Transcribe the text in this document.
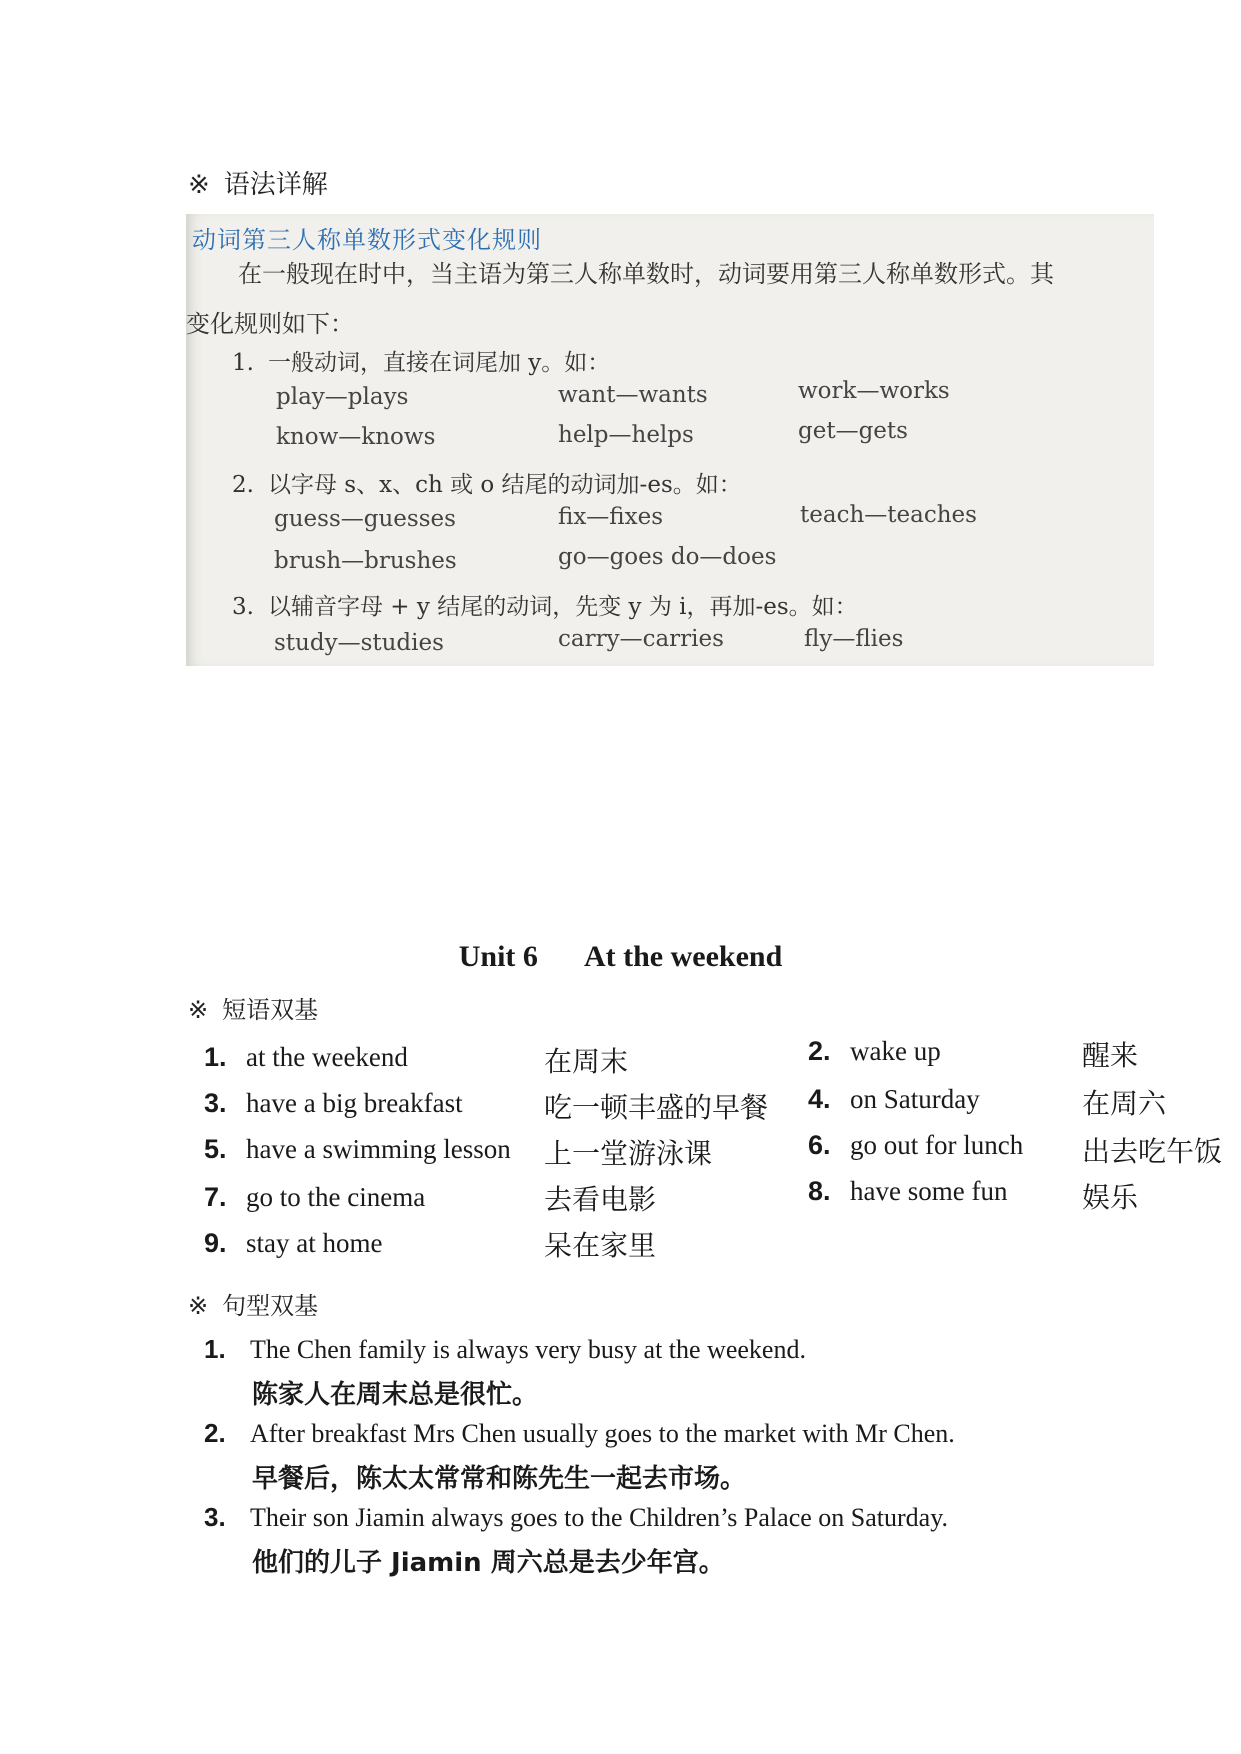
※ 语法详解
动词第三人称单数形式变化规则
在一般现在时中，当主语为第三人称单数时，动词要用第三人称单数形式。其
变化规则如下：
1. 一般动词，直接在词尾加 y。如：
play—plays	want—wants	work—works
know—knows	help—helps	get—gets
2. 以字母 s、x、ch 或 o 结尾的动词加-es。如：
guess—guesses	fix—fixes	teach—teaches
brush—brushes	go—goes do—does
3. 以辅音字母 + y 结尾的动词，先变 y 为 i，再加-es。如：
study—studies	carry—carries	fly—flies
Unit 6 At the weekend
※ 短语双基
1. at the weekend	在周末	2. wake up	醒来
3. have a big breakfast	吃一顿丰盛的早餐 4. on Saturday	在周六
5. have a swimming lesson 上一堂游泳课	6. go out for lunch 出去吃午饭
7. go to the cinema	去看电影	8. have some fun	娱乐
9. stay at home	呆在家里
※ 句型双基
1. The Chen family is always very busy at the weekend.
陈家人在周末总是很忙。
2. After breakfast Mrs Chen usually goes to the market with Mr Chen.
早餐后，陈太太常常和陈先生一起去市场。
3. Their son Jiamin always goes to the Children’s Palace on Saturday.
他们的儿子 Jiamin 周六总是去少年宫。
